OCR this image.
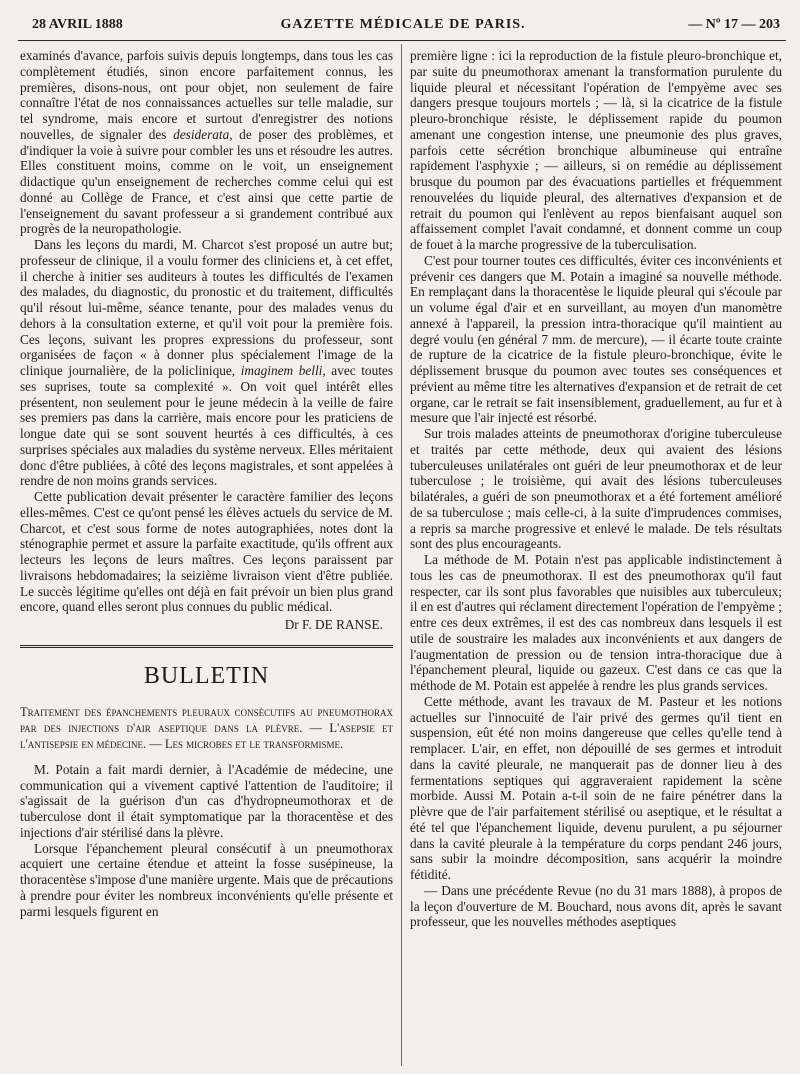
28 AVRIL 1888	GAZETTE MÉDICALE DE PARIS.	— Nº 17 — 203

examinés d'avance, parfois suivis depuis longtemps, dans tous les cas complètement étudiés, sinon encore parfaitement connus, les premières, disons-nous, ont pour objet, non seulement de faire connaître l'état de nos connaissances actuelles sur telle maladie, sur tel syndrome, mais encore et surtout d'enregistrer des notions nouvelles, de signaler des desiderata, de poser des problèmes, et d'indiquer la voie à suivre pour combler les uns et résoudre les autres. Elles constituent moins, comme on le voit, un enseignement didactique qu'un enseignement de recherches comme celui qui est donné au Collège de France, et c'est ainsi que cette partie de l'enseignement du savant professeur a si grandement contribué aux progrès de la neuropathologie.

Dans les leçons du mardi, M. Charcot s'est proposé un autre but; professeur de clinique, il a voulu former des cliniciens et, à cet effet, il cherche à initier ses auditeurs à toutes les difficultés de l'examen des malades, du diagnostic, du pronostic et du traitement, difficultés qu'il résout lui-même, séance tenante, pour des malades venus du dehors à la consultation externe, et qu'il voit pour la première fois. Ces leçons, suivant les propres expressions du professeur, sont organisées de façon « à donner plus spécialement l'image de la clinique journalière, de la policlinique, imaginem belli, avec toutes ses suprises, toute sa complexité ». On voit quel intérêt elles présentent, non seulement pour le jeune médecin à la veille de faire ses premiers pas dans la carrière, mais encore pour les praticiens de longue date qui se sont souvent heurtés à ces difficultés, à ces surprises spéciales aux maladies du système nerveux. Elles méritaient donc d'être publiées, à côté des leçons magistrales, et sont appelées à rendre de non moins grands services.

Cette publication devait présenter le caractère familier des leçons elles-mêmes. C'est ce qu'ont pensé les élèves actuels du service de M. Charcot, et c'est sous forme de notes autographiées, notes dont la sténographie permet et assure la parfaite exactitude, qu'ils offrent aux lecteurs les leçons de leurs maîtres. Ces leçons paraissent par livraisons hebdomadaires; la seizième livraison vient d'être publiée. Le succès légitime qu'elles ont déjà en fait prévoir un bien plus grand encore, quand elles seront plus connues du public médical.

Dr F. DE RANSE.
BULLETIN
Traitement des épanchements pleuraux consécutifs au pneumothorax par des injections d'air aseptique dans la plèvre. — L'asepsie et l'antisepsie en médecine. — Les microbes et le transformisme.

M. Potain a fait mardi dernier, à l'Académie de médecine, une communication qui a vivement captivé l'attention de l'auditoire; il s'agissait de la guérison d'un cas d'hydropneumothorax et de tuberculose dont il était symptomatique par la thoracentèse et des injections d'air stérilisé dans la plèvre.

Lorsque l'épanchement pleural consécutif à un pneumothorax acquiert une certaine étendue et atteint la fosse susépineuse, la thoracentèse s'impose d'une manière urgente. Mais que de précautions à prendre pour éviter les nombreux inconvénients qu'elle présente et parmi lesquels figurent en

première ligne : ici la reproduction de la fistule pleuro-bronchique et, par suite du pneumothorax amenant la transformation purulente du liquide pleural et nécessitant l'opération de l'empyème avec ses dangers presque toujours mortels ; — là, si la cicatrice de la fistule pleuro-bronchique résiste, le déplissement rapide du poumon amenant une congestion intense, une pneumonie des plus graves, parfois cette sécrétion bronchique albumineuse qui entraîne rapidement l'asphyxie ; — ailleurs, si on remédie au déplissement brusque du poumon par des évacuations partielles et fréquemment renouvelées du liquide pleural, des alternatives d'expansion et de retrait du poumon qui l'enlèvent au repos bienfaisant auquel son affaissement complet l'avait condamné, et donnent comme un coup de fouet à la marche progressive de la tuberculisation.

C'est pour tourner toutes ces difficultés, éviter ces inconvénients et prévenir ces dangers que M. Potain a imaginé sa nouvelle méthode. En remplaçant dans la thoracentèse le liquide pleural qui s'écoule par un volume égal d'air et en surveillant, au moyen d'un manomètre annexé à l'appareil, la pression intra-thoracique qu'il maintient au degré voulu (en général 7 mm. de mercure), — il écarte toute crainte de rupture de la cicatrice de la fistule pleuro-bronchique, évite le déplissement brusque du poumon avec toutes ses conséquences et prévient au même titre les alternatives d'expansion et de retrait de cet organe, car le retrait se fait insensiblement, graduellement, au fur et à mesure que l'air injecté est résorbé.

Sur trois malades atteints de pneumothorax d'origine tuberculeuse et traités par cette méthode, deux qui avaient des lésions tuberculeuses unilatérales ont guéri de leur pneumothorax et de leur tuberculose ; le troisième, qui avait des lésions tuberculeuses bilatérales, a guéri de son pneumothorax et a été fortement amélioré de sa tuberculose ; mais celle-ci, à la suite d'imprudences commises, a repris sa marche progressive et enlevé le malade. De tels résultats sont des plus encourageants.

La méthode de M. Potain n'est pas applicable indistinctement à tous les cas de pneumothorax. Il est des pneumothorax qu'il faut respecter, car ils sont plus favorables que nuisibles aux tuberculeux; il en est d'autres qui réclament directement l'opération de l'empyème ; entre ces deux extrêmes, il est des cas nombreux dans lesquels il est utile de soustraire les malades aux inconvénients et aux dangers de l'augmentation de pression ou de tension intra-thoracique due à l'épanchement pleural, liquide ou gazeux. C'est dans ce cas que la méthode de M. Potain est appelée à rendre les plus grands services.

Cette méthode, avant les travaux de M. Pasteur et les notions actuelles sur l'innocuité de l'air privé des germes qu'il tient en suspension, eût été non moins dangereuse que celles qu'elle tend à remplacer. L'air, en effet, non dépouillé de ses germes et introduit dans la cavité pleurale, ne manquerait pas de donner lieu à des fermentations septiques qui aggraveraient rapidement la scène morbide. Aussi M. Potain a-t-il soin de ne faire pénétrer dans la plèvre que de l'air parfaitement stérilisé ou aseptique, et le résultat a été tel que l'épanchement liquide, devenu purulent, a pu séjourner dans la cavité pleurale à la température du corps pendant 246 jours, sans subir la moindre décomposition, sans acquérir la moindre fétidité.

— Dans une précédente Revue (no du 31 mars 1888), à propos de la leçon d'ouverture de M. Bouchard, nous avons dit, après le savant professeur, que les nouvelles méthodes aseptiques
